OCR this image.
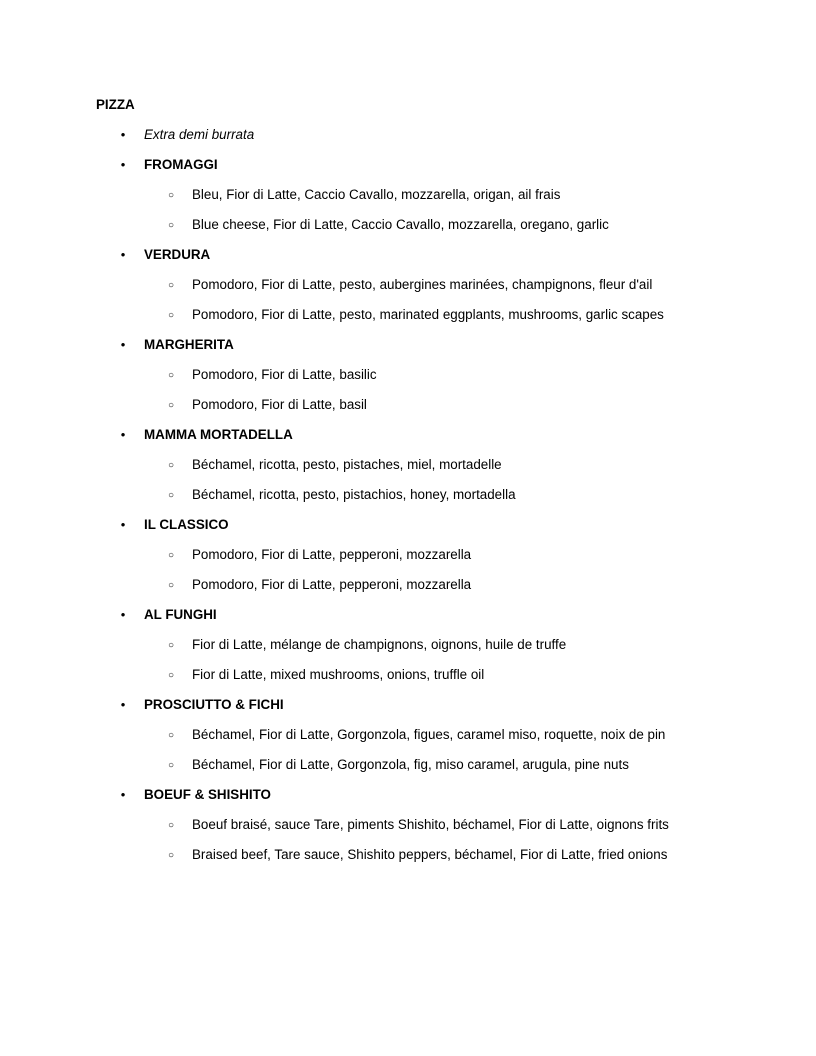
PIZZA
• Extra demi burrata
• FROMAGGI
○ Bleu, Fior di Latte, Caccio Cavallo, mozzarella, origan, ail frais
○ Blue cheese, Fior di Latte, Caccio Cavallo, mozzarella, oregano, garlic
• VERDURA
○ Pomodoro, Fior di Latte, pesto, aubergines marinées, champignons, fleur d'ail
○ Pomodoro, Fior di Latte, pesto, marinated eggplants, mushrooms, garlic scapes
• MARGHERITA
○ Pomodoro, Fior di Latte, basilic
○ Pomodoro, Fior di Latte, basil
• MAMMA MORTADELLA
○ Béchamel, ricotta, pesto, pistaches, miel, mortadelle
○ Béchamel, ricotta, pesto, pistachios, honey, mortadella
• IL CLASSICO
○ Pomodoro, Fior di Latte, pepperoni, mozzarella
○ Pomodoro, Fior di Latte, pepperoni, mozzarella
• AL FUNGHI
○ Fior di Latte, mélange de champignons, oignons, huile de truffe
○ Fior di Latte, mixed mushrooms, onions, truffle oil
• PROSCIUTTO & FICHI
○ Béchamel, Fior di Latte, Gorgonzola, figues, caramel miso, roquette, noix de pin
○ Béchamel, Fior di Latte, Gorgonzola, fig, miso caramel, arugula, pine nuts
• BOEUF & SHISHITO
○ Boeuf braisé, sauce Tare, piments Shishito, béchamel, Fior di Latte, oignons frits
○ Braised beef, Tare sauce, Shishito peppers, béchamel, Fior di Latte, fried onions
